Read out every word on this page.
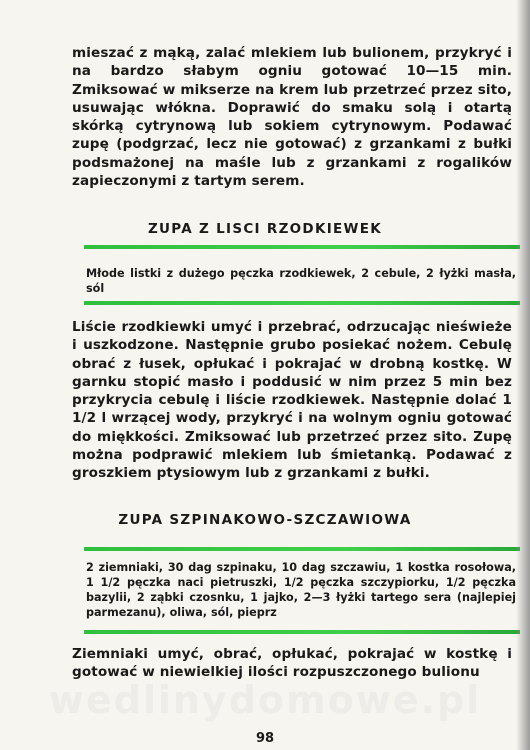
mieszać z mąką, zalać mlekiem lub bulionem, przykryć i na bardzo słabym ogniu gotować 10—15 min. Zmiksować w mikserze na krem lub przetrzeć przez sito, usuwając włókna. Doprawić do smaku solą i otartą skórką cytrynową lub sokiem cytrynowym. Podawać zupę (podgrzać, lecz nie gotować) z grzankami z bułki podsmażonej na maśle lub z grzankami z rogalików zapieczonymi z tartym serem.

ZUPA Z LISCI RZODKIEWEK

Młode listki z dużego pęczka rzodkiewek, 2 cebule, 2 łyżki masła, sól

Liście rzodkiewki umyć i przebrać, odrzucając nieświeże i uszkodzone. Następnie grubo posiekać nożem. Cebulę obrać z łusek, opłukać i pokrajać w drobną kostkę. W garnku stopić masło i poddusić w nim przez 5 min bez przykrycia cebulę i liście rzodkiewek. Następnie dolać 1 1/2 l wrzącej wody, przykryć i na wolnym ogniu gotować do miękkości. Zmiksować lub przetrzeć przez sito. Zupę można podprawić mlekiem lub śmietanką. Podawać z groszkiem ptysiowym lub z grzankami z bułki.

ZUPA SZPINAKOWO-SZCZAWIOWA

2 ziemniaki, 30 dag szpinaku, 10 dag szczawiu, 1 kostka rosołowa, 1 1/2 pęczka naci pietruszki, 1/2 pęczka szczypiorku, 1/2 pęczka bazylii, 2 ząbki czosnku, 1 jajko, 2—3 łyżki tartego sera (najlepiej parmezanu), oliwa, sól, pieprz

Ziemniaki umyć, obrać, opłukać, pokrajać w kostkę i gotować w niewielkiej ilości rozpuszczonego bulionu

wedlinydomowe.pl
98
